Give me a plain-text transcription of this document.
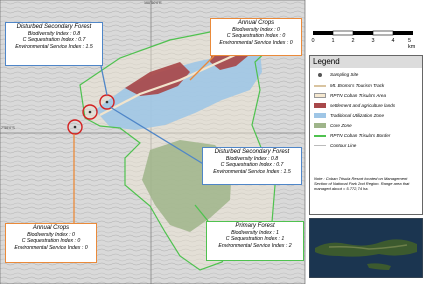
100°50'0"E
7°55'0"S
Disturbed Secondary Forest
Biodiversity Index : 0.8
C Sequestration Index : 0.7
Environmental Service Index : 1.5
Annual Crops
Biodiversity Index : 0
C Sequestration Index : 0
Environmental Service Index : 0
Disturbed Secondary Forest
Biodiversity Index : 0.8
C Sequestration Index : 0.7
Environmental Service Index : 1.5
Annual Crops
Biodiversity Index : 0
C Sequestration Index : 0
Environmental Service Index : 0
Primary Forest
Biodiversity Index : 1
C Sequestration Index : 1
Environmental Service Index : 2
0	1	2	3	4 5 km
Legend
Sampling Site
Mt. Bromo's Tourism Track
RPTN Coban Trisula's Area
settlement and agriculture lands
Traditional Utilization Zone
Core Zone
RPTN Coban Trisula's Border
Contour Line
Note : Coban Trisula Resort located on Management Section of National Park 2nd Region. Range area that managed about = 5.772,74 ha.
